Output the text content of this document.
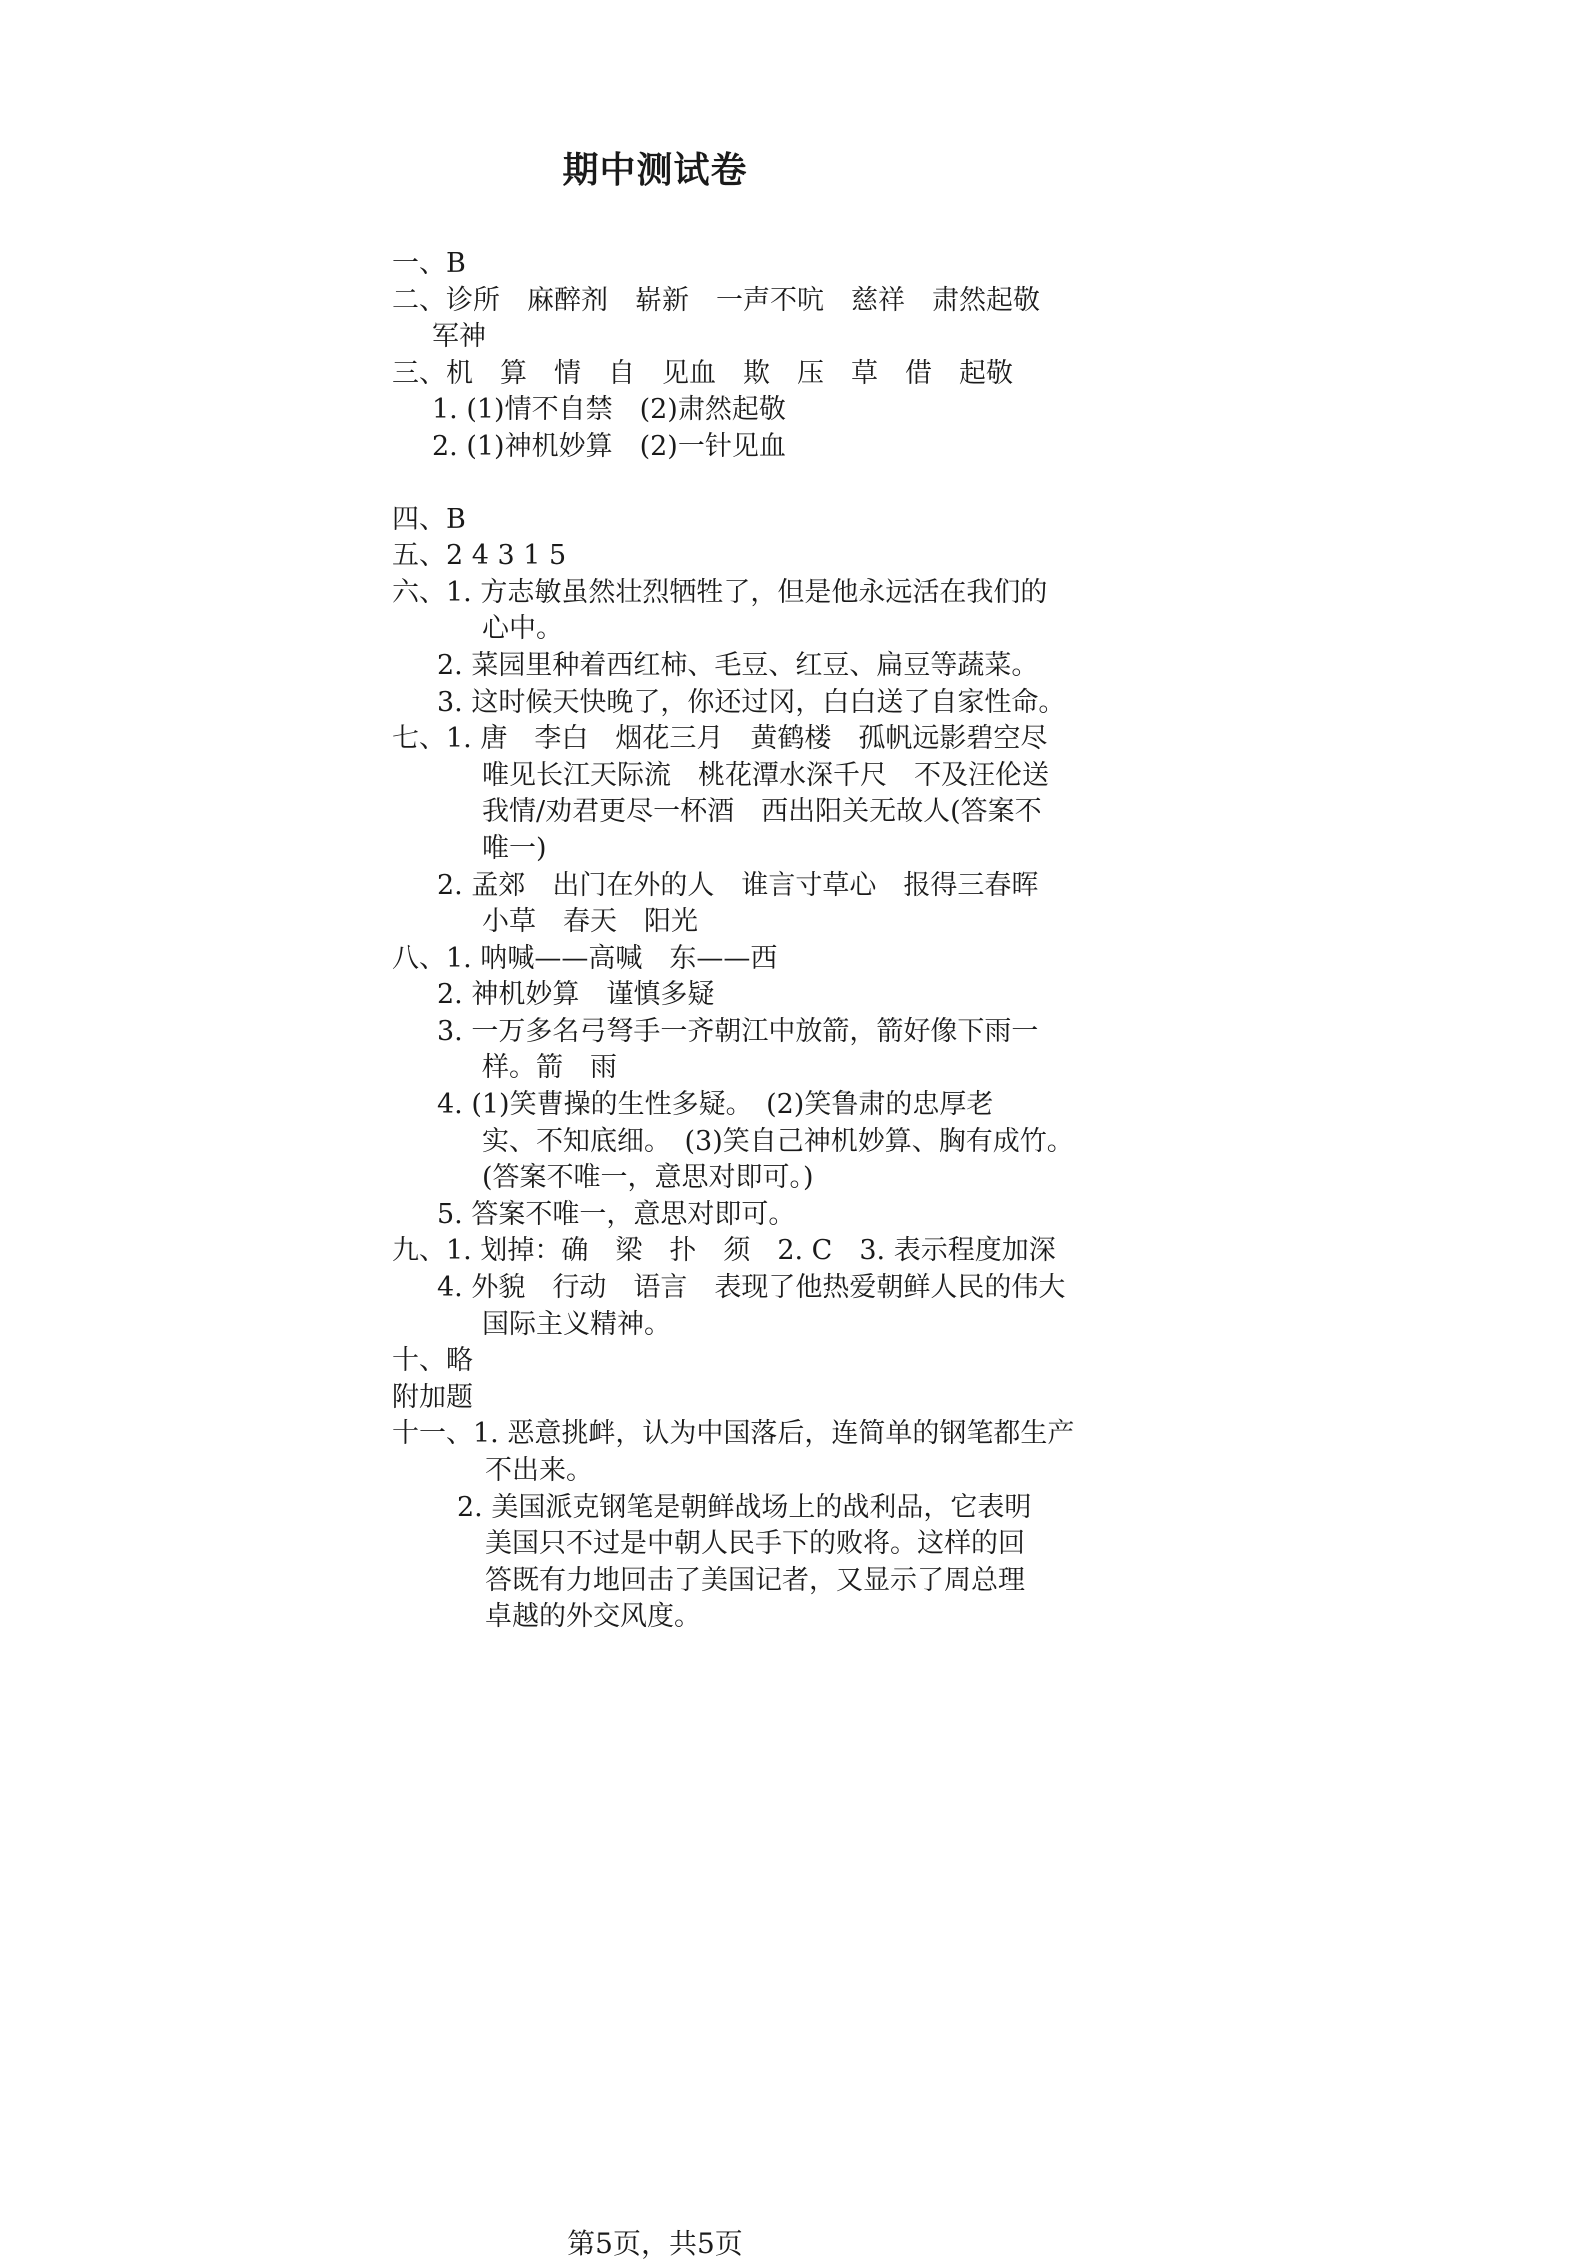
期中测试卷
一、B
二、诊所　麻醉剂　崭新　一声不吭　慈祥　肃然起敬
军神
三、机　算　情　自　见血　欺　压　草　借　起敬
1. (1)情不自禁　(2)肃然起敬
2. (1)神机妙算　(2)一针见血
四、B
五、2 4 3 1 5
六、1. 方志敏虽然壮烈牺牲了，但是他永远活在我们的
心中。
2. 菜园里种着西红柿、毛豆、红豆、扁豆等蔬菜。
3. 这时候天快晚了，你还过冈，白白送了自家性命。
七、1. 唐　李白　烟花三月　黄鹤楼　孤帆远影碧空尽
唯见长江天际流　桃花潭水深千尺　不及汪伦送
我情/劝君更尽一杯酒　西出阳关无故人(答案不
唯一)
2. 孟郊　出门在外的人　谁言寸草心　报得三春晖
小草　春天　阳光
八、1. 呐喊——高喊　东——西
2. 神机妙算　谨慎多疑
3. 一万多名弓弩手一齐朝江中放箭，箭好像下雨一
样。箭　雨
4. (1)笑曹操的生性多疑。　(2)笑鲁肃的忠厚老
实、不知底细。　(3)笑自己神机妙算、胸有成竹。
(答案不唯一，意思对即可。)
5. 答案不唯一，意思对即可。
九、1. 划掉：确　梁　扑　须　2. C　3. 表示程度加深
4. 外貌　行动　语言　表现了他热爱朝鲜人民的伟大
国际主义精神。
十、略
附加题
十一、1. 恶意挑衅，认为中国落后，连简单的钢笔都生产
不出来。
2. 美国派克钢笔是朝鲜战场上的战利品，它表明
美国只不过是中朝人民手下的败将。这样的回
答既有力地回击了美国记者，又显示了周总理
卓越的外交风度。
第5页，共5页
